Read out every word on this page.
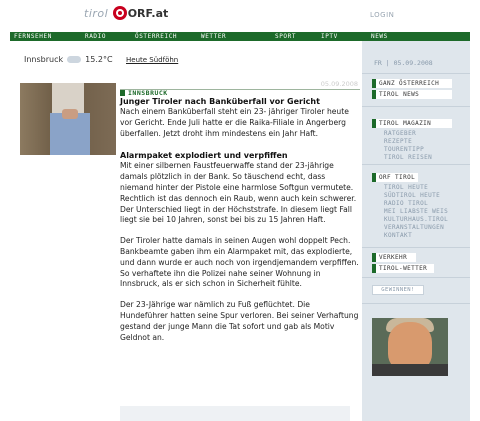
tirol ORF.at	LOGIN
FERNSEHEN	RADIO	ÖSTERREICH	WETTER	SPORT	IPTV	NEWS
Innsbruck	15.2°C Heute Südföhn
INNSBRUCK
05.09.2008
Junger Tiroler nach Banküberfall vor Gericht
Nach einem Banküberfall steht ein 23- jähriger Tiroler heute vor Gericht. Ende Juli hatte er die Raika-Filiale in Angerberg überfallen. Jetzt droht ihm mindestens ein Jahr Haft.
Alarmpaket explodiert und verpfiffen
Mit einer silbernen Faustfeuerwaffe stand der 23-jährige damals plötzlich in der Bank. So täuschend echt, dass niemand hinter der Pistole eine harmlose Softgun vermutete. Rechtlich ist das dennoch ein Raub, wenn auch kein schwerer. Der Unterschied liegt in der Höchststrafe. In diesem liegt Fall liegt sie bei 10 Jahren, sonst bei bis zu 15 Jahren Haft.
Der Tiroler hatte damals in seinen Augen wohl doppelt Pech. Bankbeamte gaben ihm ein Alarmpaket mit, das explodierte, und dann wurde er auch noch von irgendjemandem verpfiffen. So verhaftete ihn die Polizei nahe seiner Wohnung in Innsbruck, als er sich schon in Sicherheit fühlte.
Der 23-Jährige war nämlich zu Fuß geflüchtet. Die Hundeführer hatten seine Spur verloren. Bei seiner Verhaftung gestand der junge Mann die Tat sofort und gab als Motiv Geldnot an.
FR | 05.09.2008
GANZ ÖSTERREICH
TIROL NEWS
TIROL MAGAZIN
RATGEBER
REZEPTE
TOURENTIPP
TIROL REISEN
ORF TIROL
TIROL HEUTE
SÜDTIROL HEUTE
RADIO TIROL
MEI LIABSTE WEIS
KULTURHAUS.TIROL
VERANSTALTUNGEN
KONTAKT
VERKEHR
TIROL-WETTER
GEWINNEN!
